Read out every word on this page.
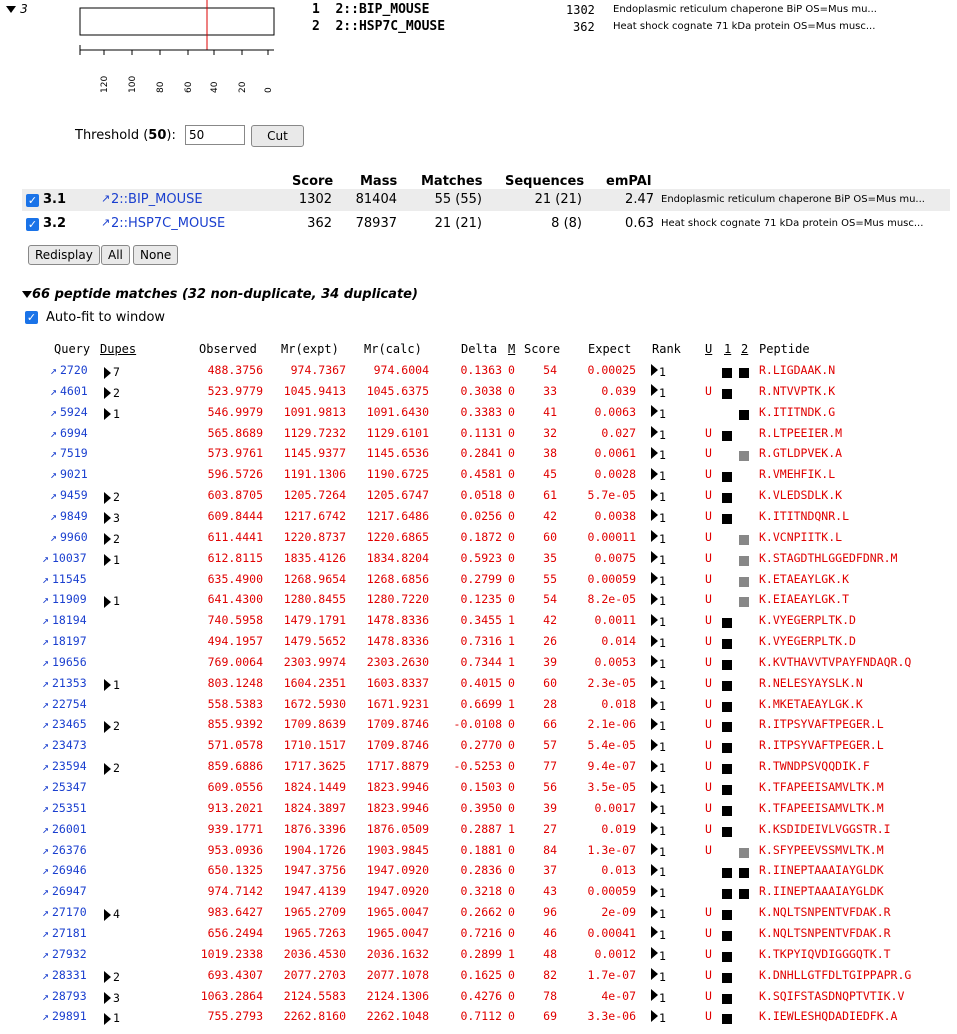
3
120 100 80 60 40 20 0
1 2::BIP_MOUSE	1302 Endoplasmic reticulum chaperone BiP OS=Mus mu...
2 2::HSP7C_MOUSE	362 Heat shock cognate 71 kDa protein OS=Mus musc...
Threshold (50):
50	Cut
Score Mass Matches Sequences emPAI
✓ 3.1	↗ 2::BIP_MOUSE	1302	81404	55 (55)	21 (21)	2.47 Endoplasmic reticulum chaperone BiP OS=Mus mu...
✓ 3.2	↗ 2::HSP7C_MOUSE	362	78937	21 (21)	8 (8)	0.63 Heat shock cognate 71 kDa protein OS=Mus musc...
Redisplay	All	None
66 peptide matches (32 non-duplicate, 34 duplicate)
✓ Auto-fit to window
Query Dupes	Observed Mr(expt) Mr(calc)	Delta M Score Expect Rank U 1 2 Peptide
↗ 2720 7	488.3756	974.7367	974.6004	0.1363 0	54	0.00025 1	R.LIGDAAK.N
↗ 4601 2	523.9779	1045.9413	1045.6375	0.3038 0	33	0.039 1	U	R.NTVVPTK.K
↗ 5924 1	546.9979	1091.9813	1091.6430	0.3383 0	41	0.0063 1	K.ITITNDK.G
↗ 6994	565.8689	1129.7232	1129.6101	0.1131 0	32	0.027 1	U	R.LTPEEIER.M
↗ 7519	573.9761	1145.9377	1145.6536	0.2841 0	38	0.0061 1	U	R.GTLDPVEK.A
↗ 9021	596.5726	1191.1306	1190.6725	0.4581 0	45	0.0028 1	U	R.VMEHFIK.L
↗ 9459 2	603.8705	1205.7264	1205.6747	0.0518 0	61	5.7e-05 1	U	K.VLEDSDLK.K
↗ 9849 3	609.8444	1217.6742	1217.6486	0.0256 0	42	0.0038 1	U	K.ITITNDQNR.L
↗ 9960 2	611.4441	1220.8737	1220.6865	0.1872 0	60	0.00011 1	U	K.VCNPIITK.L
↗ 10037 1	612.8115	1835.4126	1834.8204	0.5923 0	35	0.0075 1	U	K.STAGDTHLGGEDFDNR.M
↗ 11545	635.4900	1268.9654	1268.6856	0.2799 0	55	0.00059 1	U	K.ETAEAYLGK.K
↗ 11909 1	641.4300	1280.8455	1280.7220	0.1235 0	54	8.2e-05 1	U	K.EIAEAYLGK.T
↗ 18194	740.5958	1479.1791	1478.8336	0.3455 1	42	0.0011 1	U	K.VYEGERPLTK.D
↗ 18197	494.1957	1479.5652	1478.8336	0.7316 1	26	0.014 1	U	K.VYEGERPLTK.D
↗ 19656	769.0064	2303.9974	2303.2630	0.7344 1	39	0.0053 1	U	K.KVTHAVVTVPAYFNDAQR.Q
↗ 21353 1	803.1248	1604.2351	1603.8337	0.4015 0	60	2.3e-05 1	U	R.NELESYAYSLK.N
↗ 22754	558.5383	1672.5930	1671.9231	0.6699 1	28	0.018 1	U	K.MKETAEAYLGK.K
↗ 23465 2	855.9392	1709.8639	1709.8746	-0.0108 0	66	2.1e-06 1	U	R.ITPSYVAFTPEGER.L
↗ 23473	571.0578	1710.1517	1709.8746	0.2770 0	57	5.4e-05 1	U	R.ITPSYVAFTPEGER.L
↗ 23594 2	859.6886	1717.3625	1717.8879	-0.5253 0	77	9.4e-07 1	U	R.TWNDPSVQQDIK.F
↗ 25347	609.0556	1824.1449	1823.9946	0.1503 0	56	3.5e-05 1	U	K.TFAPEEISAMVLTK.M
↗ 25351	913.2021	1824.3897	1823.9946	0.3950 0	39	0.0017 1	U	K.TFAPEEISAMVLTK.M
↗ 26001	939.1771	1876.3396	1876.0509	0.2887 1	27	0.019 1	U	K.KSDIDEIVLVGGSTR.I
↗ 26376	953.0936	1904.1726	1903.9845	0.1881 0	84	1.3e-07 1	U	K.SFYPEEVSSMVLTK.M
↗ 26946	650.1325	1947.3756	1947.0920	0.2836 0	37	0.013 1	R.IINEPTAAAIAYGLDK
↗ 26947	974.7142	1947.4139	1947.0920	0.3218 0	43	0.00059 1	R.IINEPTAAAIAYGLDK
↗ 27170 4	983.6427	1965.2709	1965.0047	0.2662 0	96	2e-09 1	U	K.NQLTSNPENTVFDAK.R
↗ 27181	656.2494	1965.7263	1965.0047	0.7216 0	46	0.00041 1	U	K.NQLTSNPENTVFDAK.R
↗ 27932	1019.2338	2036.4530	2036.1632	0.2899 1	48	0.0012 1	U	K.TKPYIQVDIGGGQTK.T
↗ 28331 2	693.4307	2077.2703	2077.1078	0.1625 0	82	1.7e-07 1	U	K.DNHLLGTFDLTGIPPAPR.G
↗ 28793 3	1063.2864	2124.5583	2124.1306	0.4276 0	78	4e-07 1	U	K.SQIFSTASDNQPTVTIK.V
↗ 29891 1	755.2793	2262.8160	2262.1048	0.7112 0	69	3.3e-06 1	U	K.IEWLESHQDADIEDFK.A
